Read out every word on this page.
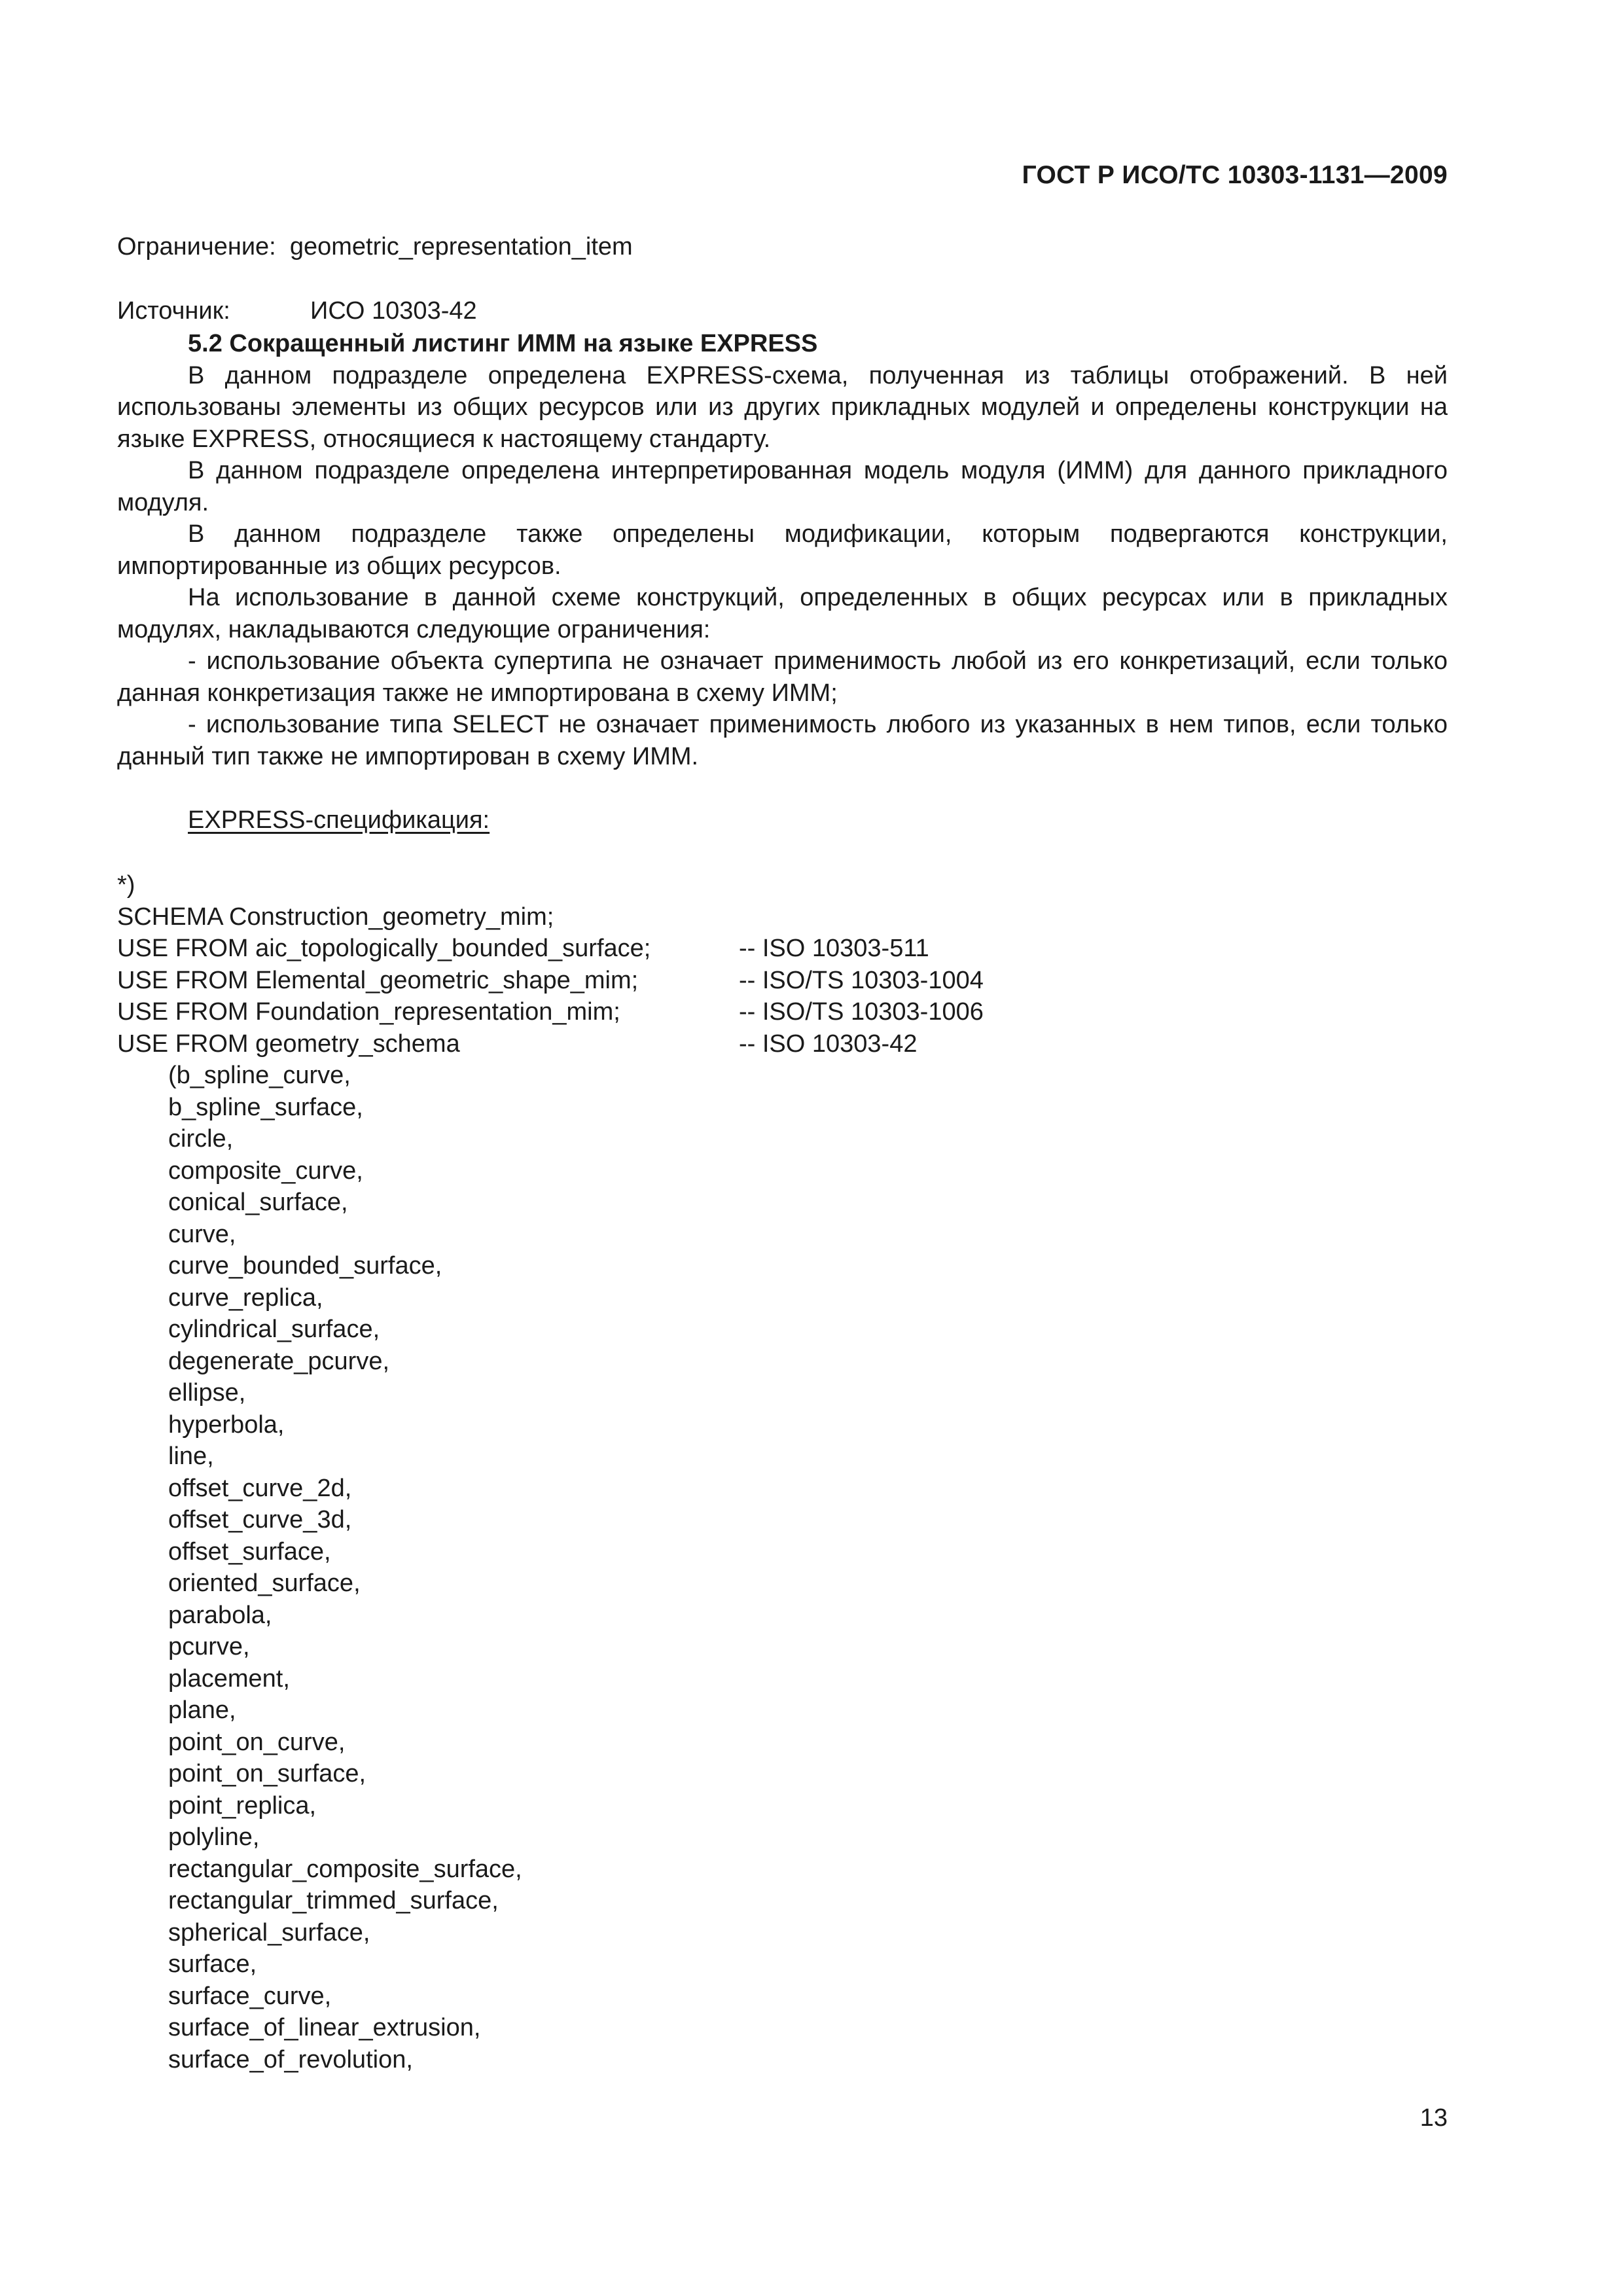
ГОСТ Р ИСО/ТС 10303-1131—2009
Ограничение:  geometric_representation_item
Источник:	ИСО 10303-42
5.2 Сокращенный листинг ИММ на языке EXPRESS

В данном подразделе определена EXPRESS-схема, полученная из таблицы отображений. В ней использованы элементы из общих ресурсов или из других прикладных модулей и определены конструкции на языке EXPRESS, относящиеся к настоящему стандарту.

В данном подразделе определена интерпретированная модель модуля (ИММ) для данного прикладного модуля.

В данном подразделе также определены модификации, которым подвергаются конструкции, импортированные из общих ресурсов.

На использование в данной схеме конструкций, определенных в общих ресурсах или в прикладных модулях, накладываются следующие ограничения:

- использование объекта супертипа не означает применимость любой из его конкретизаций, если только данная конкретизация также не импортирована в схему ИММ;

- использование типа SELECT не означает применимость любого из указанных в нем типов, если только данный тип также не импортирован в схему ИММ.

EXPRESS-спецификация:
*)
SCHEMA Construction_geometry_mim;
USE FROM aic_topologically_bounded_surface;	-- ISO 10303-511
USE FROM Elemental_geometric_shape_mim;	-- ISO/TS 10303-1004
USE FROM Foundation_representation_mim;	-- ISO/TS 10303-1006
USE FROM geometry_schema	-- ISO 10303-42
(b_spline_curve,
b_spline_surface,
circle,
composite_curve,
conical_surface,
curve,
curve_bounded_surface,
curve_replica,
cylindrical_surface,
degenerate_pcurve,
ellipse,
hyperbola,
line,
offset_curve_2d,
offset_curve_3d,
offset_surface,
oriented_surface,
parabola,
pcurve,
placement,
plane,
point_on_curve,
point_on_surface,
point_replica,
polyline,
rectangular_composite_surface,
rectangular_trimmed_surface,
spherical_surface,
surface,
surface_curve,
surface_of_linear_extrusion,
surface_of_revolution,
13
